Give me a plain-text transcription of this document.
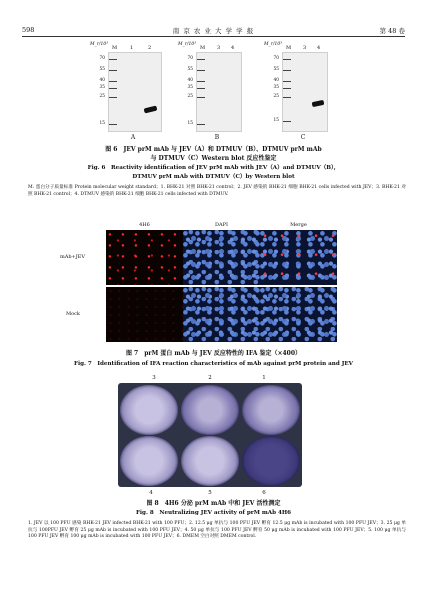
598	南 京 农 业 大 学 学 报	第 48 卷
M_r/10³
M	1	2
70
55
40
35
25
15
A
M_r/10³
M 3 4
70
55
40
35
25
15
B
M_r/10³
M 3 4
70
55
40
35
25
15
C
图 6　JEV prM mAb 与 JEV（A）和 DTMUV（B）、DTMUV prM mAb
与 DTMUV（C）Western blot 反应性鉴定
Fig. 6　Reactivity identification of JEV prM mAb with JEV（A）and DTMUV（B），
DTMUV prM mAb with DTMUV（C）by Western blot
M. 蛋白分子质量标准 Protein molecular weight standard；1. BHK-21 对照 BHK-21 control；2. JEV 感染的 BHK-21 细胞 BHK-21 cells infected with JEV；3. BHK-21 对照 BHK-21 control；4. DTMUV 感染的 BHK-21 细胞 BHK-21 cells infected with DTMUV.
4H6	DAPI	Merge
mAb+JEV
Mock
图 7　prM 蛋白 mAb 与 JEV 反应特性的 IFA 鉴定（×400）
Fig. 7　Identification of IFA reaction characteristics of mAb against prM protein and JEV
3	2	1
4	5	6
图 8　4H6 分泌 prM mAb 中和 JEV 活性测定
Fig. 8　Neutralizing JEV activity of prM mAb 4H6
1. JEV 以 100 PFU 感染 BHK-21 JEV infected BHK-21 with 100 PFU；2. 12.5 μg 单抗与 100 PFU JEV 孵育 12.5 μg mAb is incubated with 100 PFU JEV；3. 25 μg 单抗与 100PFU JEV 孵育 25 μg mAb is incubated with 100 PFU JEV；4. 50 μg 单抗与 100 PFU JEV 孵育 50 μg mAb is incubated with 100 PFU JEV；5. 100 μg 单抗与 100 PFU JEV 孵育 100 μg mAb is incubated with 100 PFU JEV；6. DMEM 空白对照 DMEM control.
